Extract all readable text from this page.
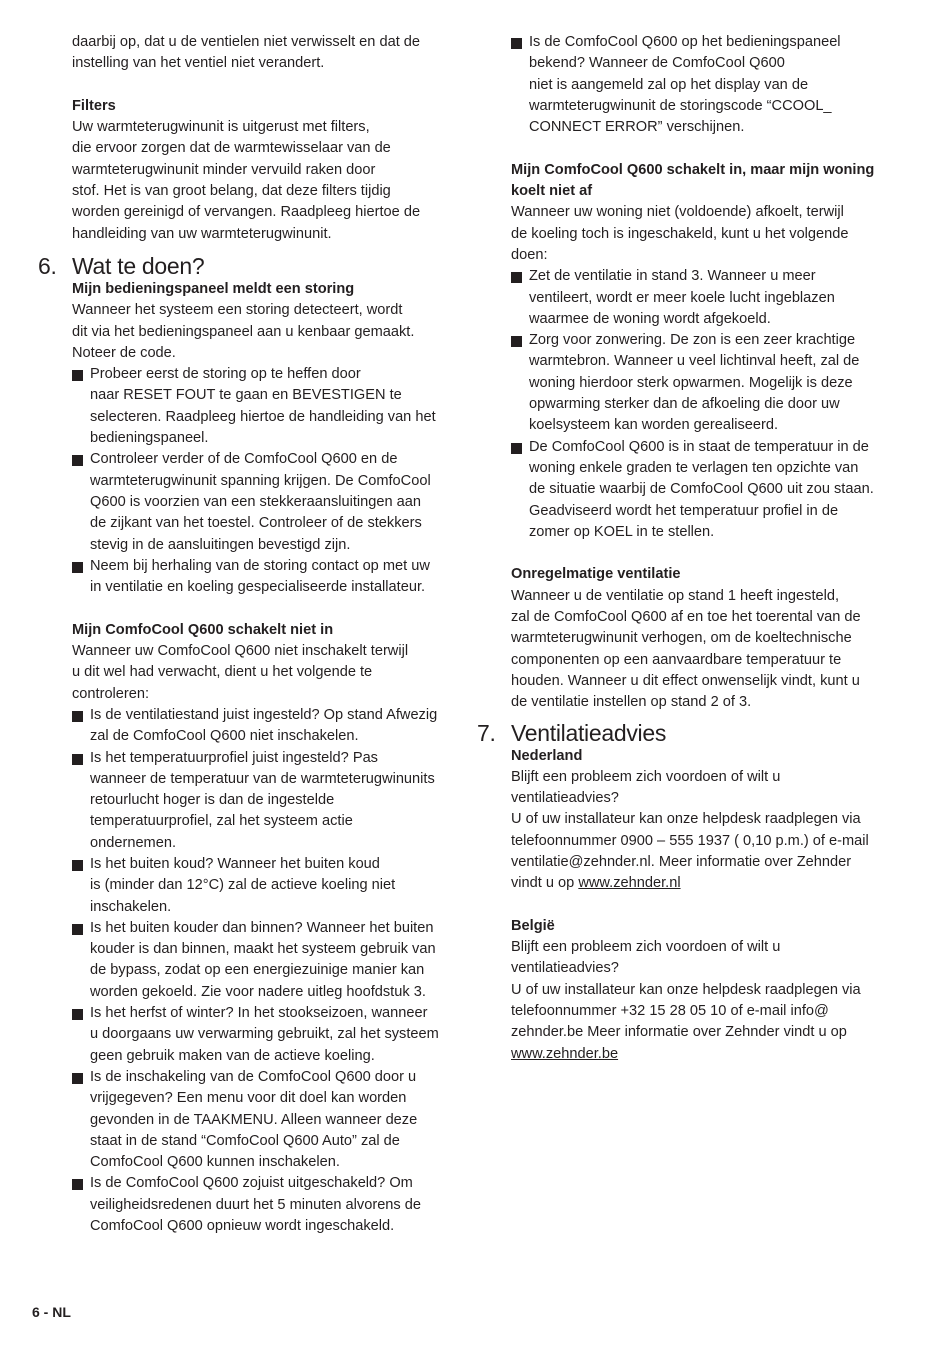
daarbij op, dat u de ventielen niet verwisselt en dat de
instelling van het ventiel niet verandert.

Filters

Uw warmteterugwinunit is uitgerust met filters,
die ervoor zorgen dat de warmtewisselaar van de
warmteterugwinunit minder vervuild raken door
stof. Het is van groot belang, dat deze filters tijdig
worden gereinigd of vervangen. Raadpleeg hiertoe de
handleiding van uw warmteterugwinunit.
6. Wat te doen?

Mijn bedieningspaneel meldt een storing

Wanneer het systeem een storing detecteert, wordt
dit via het bedieningspaneel aan u kenbaar gemaakt.
Noteer de code.
Probeer eerst de storing op te heffen door
naar RESET FOUT te gaan en BEVESTIGEN te
selecteren. Raadpleeg hiertoe de handleiding van het
bedieningspaneel.
Controleer verder of de ComfoCool Q600 en de
warmteterugwinunit spanning krijgen. De ComfoCool
Q600 is voorzien van een stekkeraansluitingen aan
de zijkant van het toestel. Controleer of de stekkers
stevig in de aansluitingen bevestigd zijn.
Neem bij herhaling van de storing contact op met uw
in ventilatie en koeling gespecialiseerde installateur.

Mijn ComfoCool Q600 schakelt niet in

Wanneer uw ComfoCool Q600 niet inschakelt terwijl
u dit wel had verwacht, dient u het volgende te
controleren:
Is de ventilatiestand juist ingesteld? Op stand Afwezig
zal de ComfoCool Q600 niet inschakelen.
Is het temperatuurprofiel juist ingesteld? Pas
wanneer de temperatuur van de warmteterugwinunits
retourlucht hoger is dan de ingestelde
temperatuurprofiel, zal het systeem actie
ondernemen.
Is het buiten koud? Wanneer het buiten koud
is (minder dan 12°C) zal de actieve koeling niet
inschakelen.
Is het buiten kouder dan binnen? Wanneer het buiten
kouder is dan binnen, maakt het systeem gebruik van
de bypass, zodat op een energiezuinige manier kan
worden gekoeld. Zie voor nadere uitleg hoofdstuk 3.
Is het herfst of winter? In het stookseizoen, wanneer
u doorgaans uw verwarming gebruikt, zal het systeem
geen gebruik maken van de actieve koeling.
Is de inschakeling van de ComfoCool Q600 door u
vrijgegeven? Een menu voor dit doel kan worden
gevonden in de TAAKMENU. Alleen wanneer deze
staat in de stand “ComfoCool Q600 Auto” zal de
ComfoCool Q600 kunnen inschakelen.
Is de ComfoCool Q600 zojuist uitgeschakeld? Om
veiligheidsredenen duurt het 5 minuten alvorens de
ComfoCool Q600 opnieuw wordt ingeschakeld.
Is de ComfoCool Q600 op het bedieningspaneel
bekend? Wanneer de ComfoCool Q600
niet is aangemeld zal op het display van de
warmteterugwinunit de storingscode “CCOOL_
CONNECT ERROR” verschijnen.
Mijn ComfoCool Q600 schakelt in, maar mijn woning
koelt niet af
Wanneer uw woning niet (voldoende) afkoelt, terwijl
de koeling toch is ingeschakeld, kunt u het volgende
doen:
Zet de ventilatie in stand 3. Wanneer u meer
ventileert, wordt er meer koele lucht ingeblazen
waarmee de woning wordt afgekoeld.
Zorg voor zonwering. De zon is een zeer krachtige
warmtebron. Wanneer u veel lichtinval heeft, zal de
woning hierdoor sterk opwarmen. Mogelijk is deze
opwarming sterker dan de afkoeling die door uw
koelsysteem kan worden gerealiseerd.
De ComfoCool Q600 is in staat de temperatuur in de
woning enkele graden te verlagen ten opzichte van
de situatie waarbij de ComfoCool Q600 uit zou staan.
Geadviseerd wordt het temperatuur profiel in de
zomer op KOEL in te stellen.

Onregelmatige ventilatie

Wanneer u de ventilatie op stand 1 heeft ingesteld,
zal de ComfoCool Q600 af en toe het toerental van de
warmteterugwinunit verhogen, om de koeltechnische
componenten op een aanvaardbare temperatuur te
houden. Wanneer u dit effect onwenselijk vindt, kunt u
de ventilatie instellen op stand 2 of 3.
7. Ventilatieadvies

Nederland

Blijft een probleem zich voordoen of wilt u
ventilatieadvies?
U of uw installateur kan onze helpdesk raadplegen via
telefoonnummer 0900 – 555 1937 ( 0,10 p.m.) of e-mail
ventilatie@zehnder.nl. Meer informatie over Zehnder

vindt u op www.zehnder.nl

België

Blijft een probleem zich voordoen of wilt u
ventilatieadvies?
U of uw installateur kan onze helpdesk raadplegen via
telefoonnummer +32 15 28 05 10 of e-mail info@
zehnder.be Meer informatie over Zehnder vindt u op

www.zehnder.be

6 - NL
